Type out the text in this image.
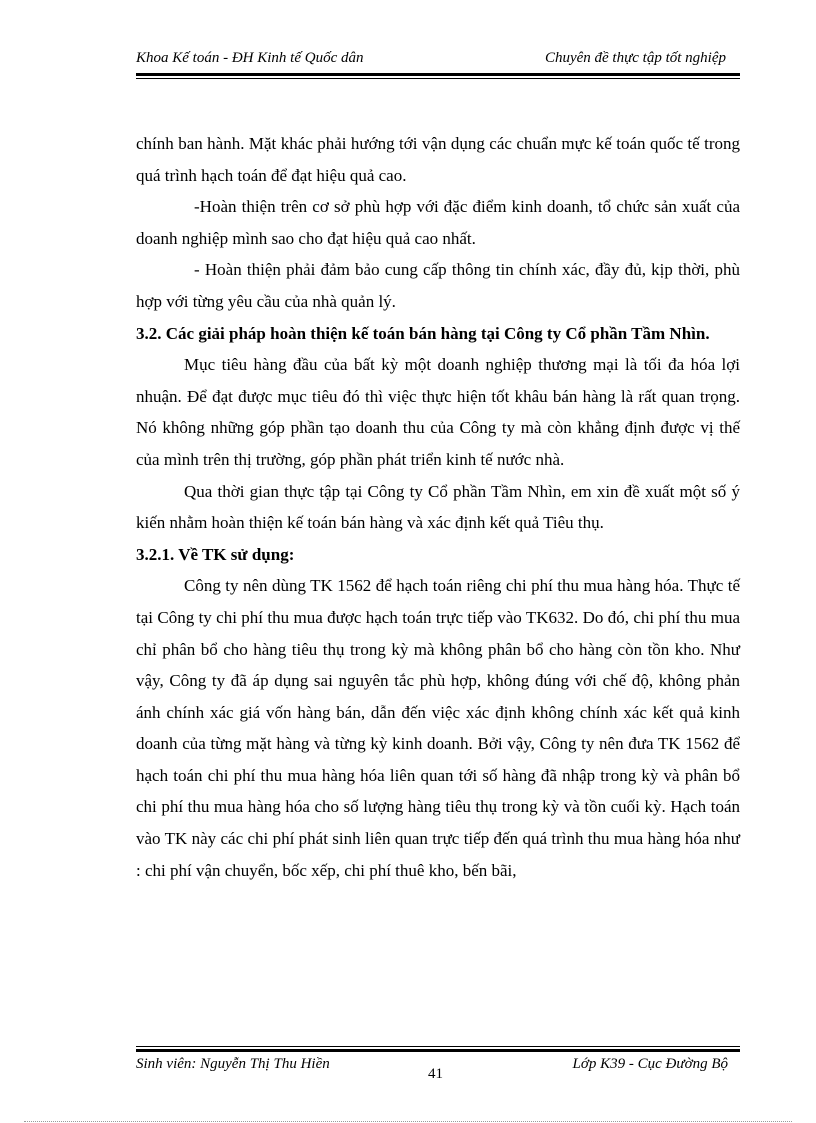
Khoa Kế toán - ĐH Kinh tế Quốc dân	Chuyên đề thực tập tốt nghiệp

chính ban hành. Mặt khác phải hướng tới vận dụng các chuẩn mực kế toán quốc tế trong quá trình hạch toán để đạt hiệu quả cao.

-Hoàn thiện trên cơ sở phù hợp với đặc điểm kinh doanh, tổ chức sản xuất của doanh nghiệp mình sao cho đạt hiệu quả cao nhất.

- Hoàn thiện phải đảm bảo cung cấp thông tin chính xác, đầy đủ, kịp thời, phù hợp với từng yêu cầu của nhà quản lý.

3.2. Các giải pháp hoàn thiện kế toán bán hàng tại Công ty Cổ phần Tầm Nhìn.

Mục tiêu hàng đầu của bất kỳ một doanh nghiệp thương mại là tối đa hóa lợi nhuận. Để đạt được mục tiêu đó thì việc thực hiện tốt khâu bán hàng là rất quan trọng. Nó không những góp phần tạo doanh thu của Công ty mà còn khẳng định được vị thế của mình trên thị trường, góp phần phát triển kinh tế nước nhà.

Qua thời gian thực tập tại Công ty Cổ phần Tầm Nhìn, em xin đề xuất một số ý kiến nhằm hoàn thiện kế toán bán hàng và xác định kết quả Tiêu thụ.

3.2.1. Về TK sử dụng:

Công ty nên dùng TK 1562 để hạch toán riêng chi phí thu mua hàng hóa. Thực tế tại Công ty chi phí thu mua được hạch toán trực tiếp vào TK632. Do đó, chi phí thu mua chỉ phân bổ cho hàng tiêu thụ trong kỳ mà không phân bổ cho hàng còn tồn kho. Như vậy, Công ty đã áp dụng sai nguyên tắc phù hợp, không đúng với chế độ, không phản ánh chính xác giá vốn hàng bán, dẫn đến việc xác định không chính xác kết quả kinh doanh của từng mặt hàng và từng kỳ kinh doanh. Bởi vậy, Công ty nên đưa TK 1562 để hạch toán chi phí thu mua hàng hóa liên quan tới số hàng đã nhập trong kỳ và phân bổ chi phí thu mua hàng hóa cho số lượng hàng tiêu thụ trong kỳ và tồn cuối kỳ. Hạch toán vào TK này các chi phí phát sinh liên quan trực tiếp đến quá trình thu mua hàng hóa như : chi phí vận chuyển, bốc xếp, chi phí thuê kho, bến bãi,

Sinh viên: Nguyễn Thị Thu Hiền
41
Lớp K39 - Cục Đường Bộ
